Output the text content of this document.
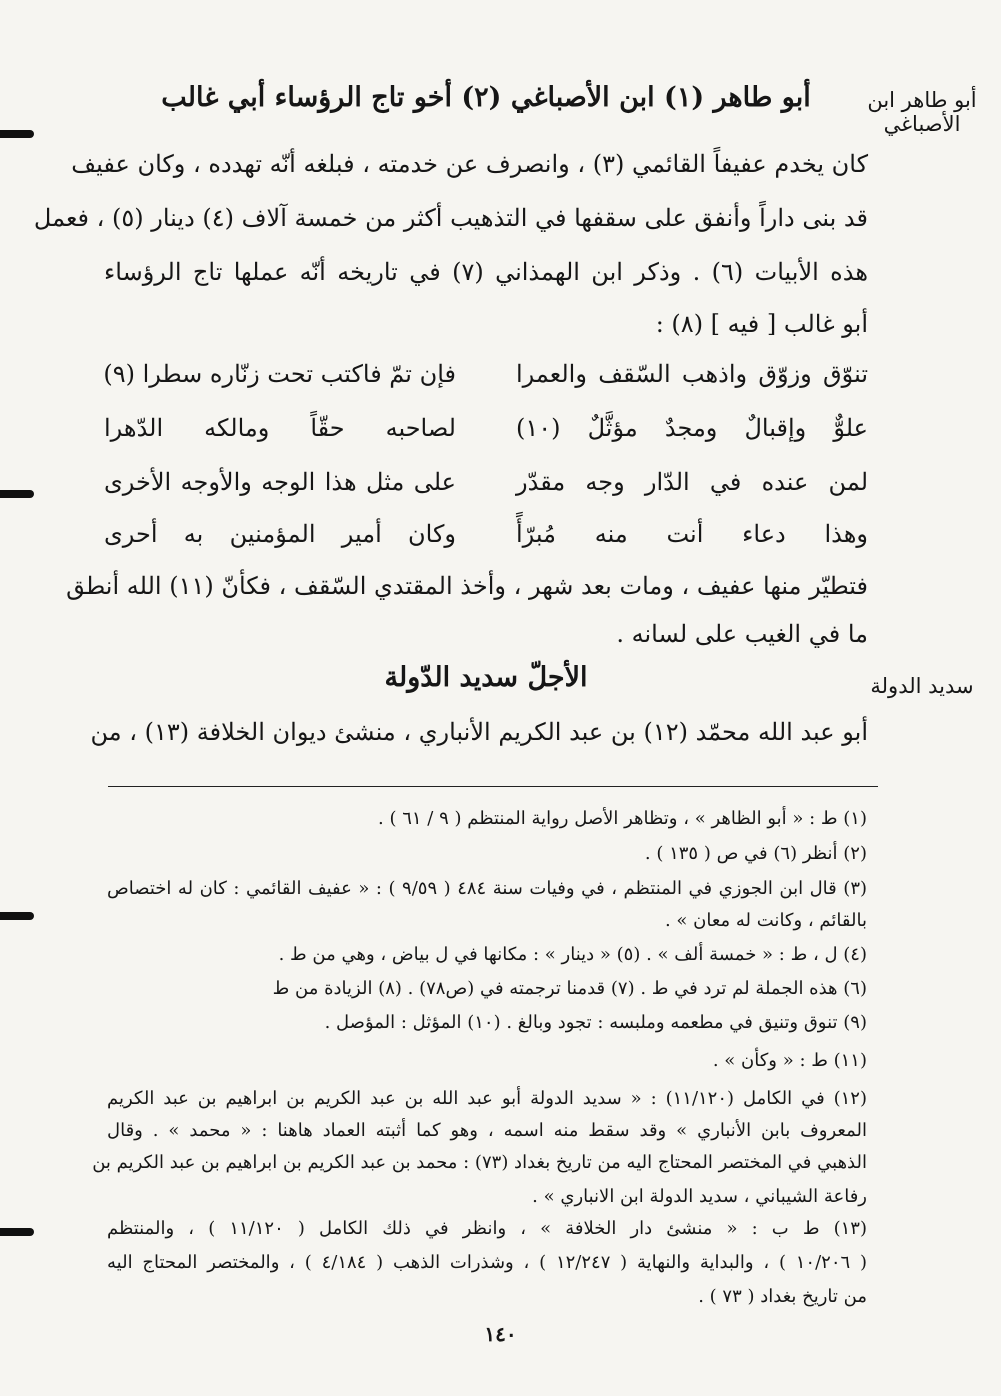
أبو طاهر ابن الأصباغي
سديد الدولة
أبو طاهر (١) ابن الأصباغي (٢) أخو تاج الرؤساء أبي غالب
كان يخدم عفيفاً القائمي (٣) ، وانصرف عن خدمته ، فبلغه أنّه تهدده ، وكان عفيف
قد بنى داراً وأنفق على سقفها في التذهيب أكثر من خمسة آلاف (٤) دينار (٥) ، فعمل
هذه الأبيات (٦) . وذكر ابن الهمذاني (٧) في تاريخه أنّه عملها تاج الرؤساء
أبو غالب [ فيه ] (٨) :
تنوّق وزوّق واذهب السّقف والعمرا
فإن تمّ فاكتب تحت زنّاره سطرا (٩)
علوٌّ وإقبالٌ ومجدٌ مؤثَّلٌ (١٠)
لصاحبه حقّاً ومالكه الدّهرا
لمن عنده في الدّار وجه مقدّر
على مثل هذا الوجه والأوجه الأخرى
وهذا دعاء أنت منه مُبرّأً
وكان أمير المؤمنين به أحرى
فتطيّر منها عفيف ، ومات بعد شهر ، وأخذ المقتدي السّقف ، فكأنّ (١١) الله أنطق
ما في الغيب على لسانه .
الأجلّ سديد الدّولة
أبو عبد الله محمّد (١٢) بن عبد الكريم الأنباري ، منشئ ديوان الخلافة (١٣) ، من
(١) ط : « أبو الظاهر » ، وتظاهر الأصل رواية المنتظم ( ٩ / ٦١ ) .
(٢) أنظر (٦) في ص ( ١٣٥ ) .
(٣) قال ابن الجوزي في المنتظم ، في وفيات سنة ٤٨٤ ( ٩/٥٩ ) : « عفيف القائمي : كان له اختصاص
بالقائم ، وكانت له معان » .
(٤) ل ، ط : « خمسة ألف » . (٥) « دينار » : مكانها في ل بياض ، وهي من ط .
(٦) هذه الجملة لم ترد في ط . (٧) قدمنا ترجمته في (ص٧٨) . (٨) الزيادة من ط
(٩) تنوق وتنيق في مطعمه وملبسه : تجود وبالغ . (١٠) المؤثل : المؤصل .
(١١) ط : « وكأن » .
(١٢) في الكامل (١١/١٢٠) : « سديد الدولة أبو عبد الله بن عبد الكريم بن ابراهيم بن عبد الكريم
المعروف بابن الأنباري » وقد سقط منه اسمه ، وهو كما أثبته العماد هاهنا : « محمد » . وقال
الذهبي في المختصر المحتاج اليه من تاريخ بغداد (٧٣) : محمد بن عبد الكريم بن ابراهيم بن عبد الكريم بن
رفاعة الشيباني ، سديد الدولة ابن الانباري » .
(١٣) ط ب : « منشئ دار الخلافة » ، وانظر في ذلك الكامل ( ١١/١٢٠ ) ، والمنتظم
( ١٠/٢٠٦ ) ، والبداية والنهاية ( ١٢/٢٤٧ ) ، وشذرات الذهب ( ٤/١٨٤ ) ، والمختصر المحتاج اليه
من تاريخ بغداد ( ٧٣ ) .
١٤٠
